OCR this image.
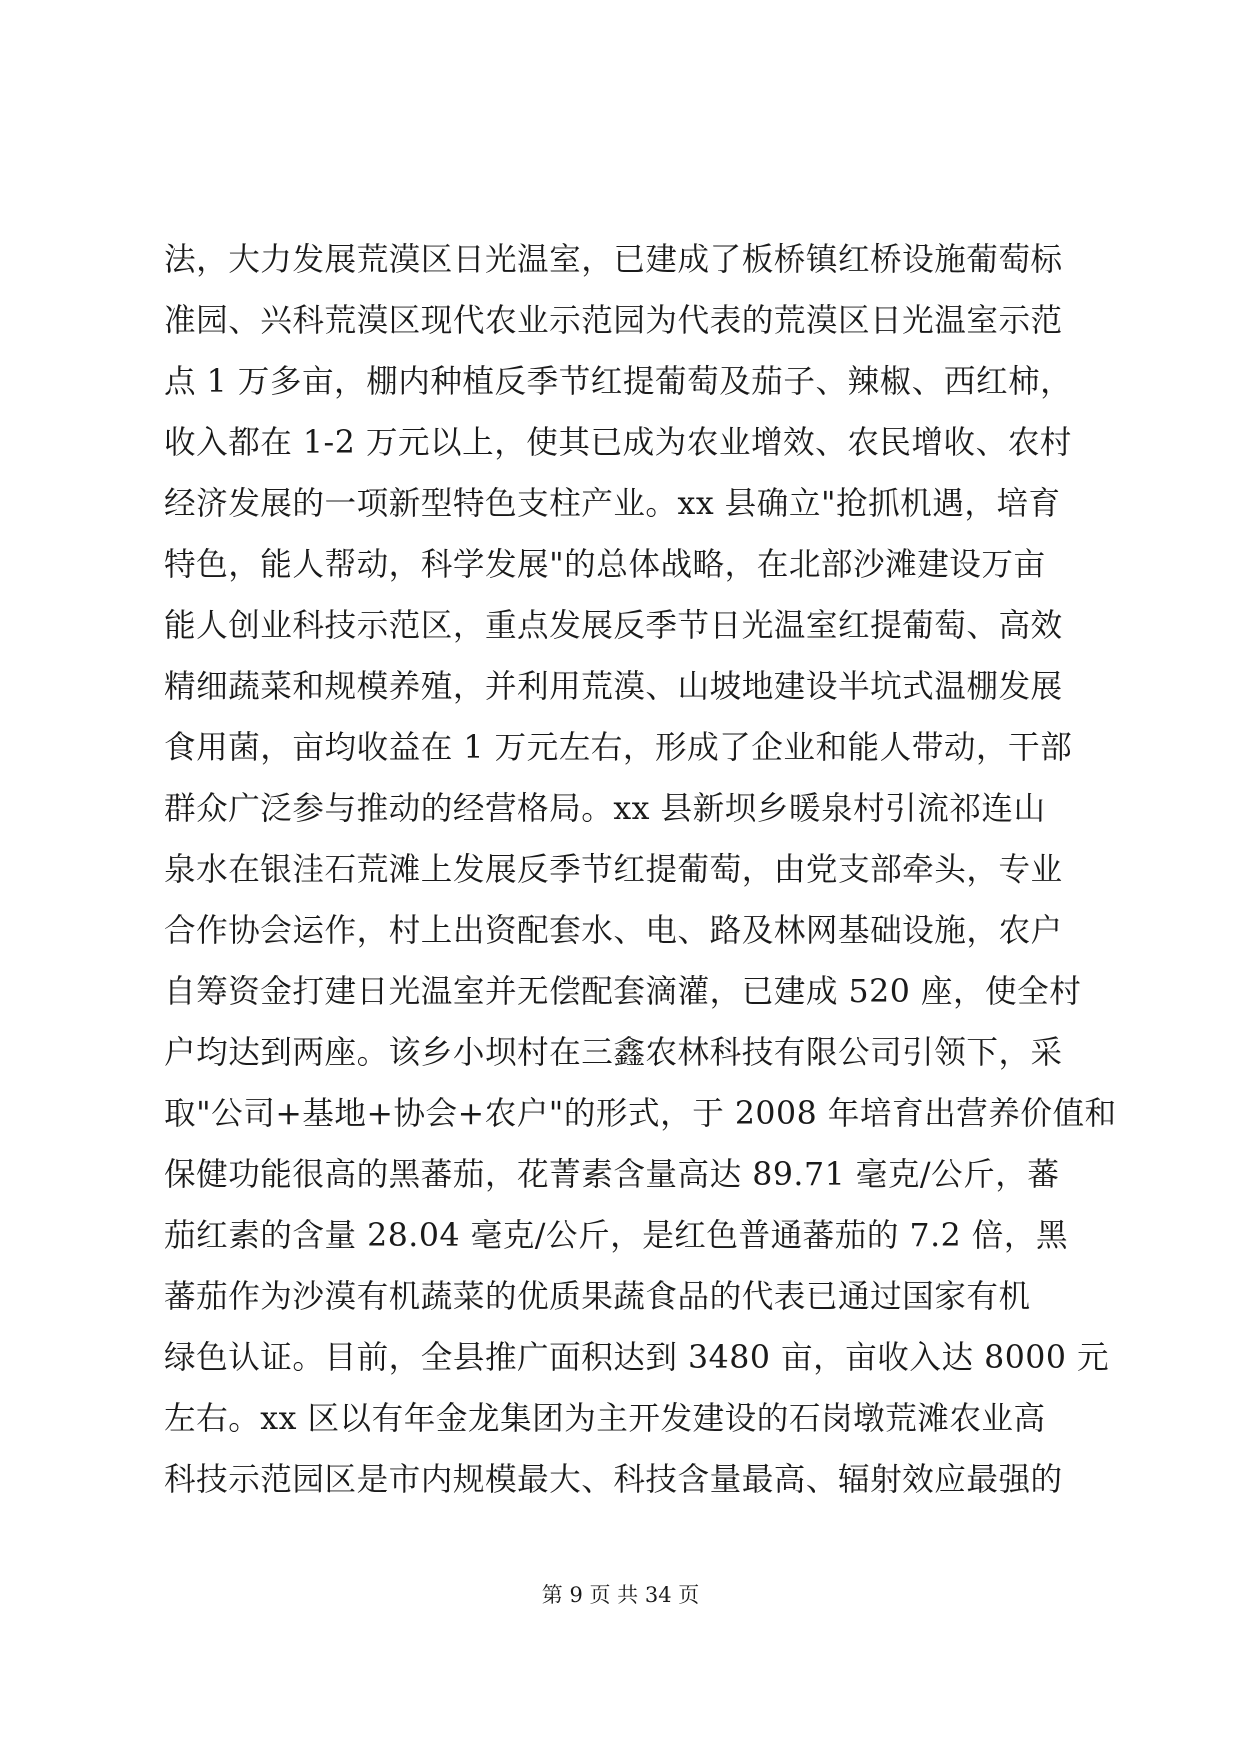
法，大力发展荒漠区日光温室，已建成了板桥镇红桥设施葡萄标
准园、兴科荒漠区现代农业示范园为代表的荒漠区日光温室示范
点 1 万多亩，棚内种植反季节红提葡萄及茄子、辣椒、西红柿，
收入都在 1-2 万元以上，使其已成为农业增效、农民增收、农村
经济发展的一项新型特色支柱产业。xx 县确立"抢抓机遇，培育
特色，能人帮动，科学发展"的总体战略，在北部沙滩建设万亩
能人创业科技示范区，重点发展反季节日光温室红提葡萄、高效
精细蔬菜和规模养殖，并利用荒漠、山坡地建设半坑式温棚发展
食用菌，亩均收益在 1 万元左右，形成了企业和能人带动，干部
群众广泛参与推动的经营格局。xx 县新坝乡暖泉村引流祁连山
泉水在银洼石荒滩上发展反季节红提葡萄，由党支部牵头，专业
合作协会运作，村上出资配套水、电、路及林网基础设施，农户
自筹资金打建日光温室并无偿配套滴灌，已建成 520 座，使全村
户均达到两座。该乡小坝村在三鑫农林科技有限公司引领下，采
取"公司+基地+协会+农户"的形式，于 2008 年培育出营养价值和
保健功能很高的黑蕃茄，花菁素含量高达 89.71 毫克/公斤，蕃
茄红素的含量 28.04 毫克/公斤，是红色普通蕃茄的 7.2 倍，黑
蕃茄作为沙漠有机蔬菜的优质果蔬食品的代表已通过国家有机
绿色认证。目前，全县推广面积达到 3480 亩，亩收入达 8000 元
左右。xx 区以有年金龙集团为主开发建设的石岗墩荒滩农业高
科技示范园区是市内规模最大、科技含量最高、辐射效应最强的
第 9 页 共 34 页
